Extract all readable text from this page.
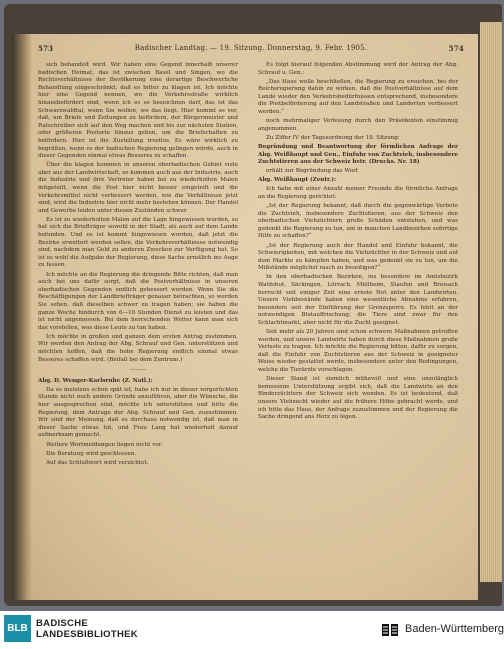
573	Badischer Landtag. — 19. Sitzung. Donnerstag, 9. Febr. 1905.	574

sich behandelt wird. Wir haben eine Gegend innerhalb unserer badischen Heimat, das ist zwischen Basel und Singen, wo die Rechtsverhältnisse der Bevölkerung eine derartige Beschwerliche Behandlung eingeschränkt, daß es bitter zu klagen ist. Ich möchte hier eine Gegend nennen, wo die Verkehrsstraße wirklich hinausbefördert sind, wenn ich es so bezeichnen darf, das ist das Schwarzwaldtal, wenn Sie wollen, wo das liegt. Hier kommt es vor, daß, um Briefe und Zeitungen zu befördern, der Bürgermeister und Ratschreiber sich auf den Weg machen und bis zur nächsten Station, oder größeren Postorte hinaus gehen, um die Briefschaften zu befördern. Hier ist die Zustellung trostlos. Es wäre wirklich zu begrüßen, wenn es der badischen Regierung gelingen würde, auch in dieser Gegenden einmal etwas Besseres zu schaffen.

Über die klagen kommen in unseren oberbadischen Gebiet viele aber aus der Landwirtschaft, so kommen auch aus der Industrie, auch die Industrie und ihre Vertreter haben bei zu wiederholten Malen mitgeteilt, wenn die Post hier nicht besser eingeteilt und die Verkehrsmittel nicht verbessert werden, wie die Verhältnisse jetzt sind, wird die Industrie hier nicht mehr bestehen können. Der Handel und Gewerbe leiden unter diesen Zuständen schwer.

Es ist zu wiederholten Malen auf die Lage hingewiesen worden, so hat sich die Briefträger sowohl in der Stadt, als auch auf dem Lande befunden. Und es ist kommt hingewiesen worden, daß jetzt die Bezirke erweitert werden sollen, die Verkehrsverhältnisse notwendig sind, nachdem man Geld zu anderen Zwecken zur Verfügung hat. So ist es wohl die Aufgabe der Regierung, diese Sache ernstlich ins Auge zu fassen.

Ich möchte an die Regierung die dringende Bitte richten, daß man auch bei uns dafür sorgt, daß die Postverhältnisse in unseren oberbadischen Gegenden endlich gebessert werden. Wenn Sie die Beschäftigungen der Landbriefträger genauer betrachten, so werden Sie sehen, daß dieselben schwer zu tragen haben; sie haben die ganze Woche hindurch von 6—10 Stunden Dienst zu leisten und das ist nicht angemessen. Bei dem herrschenden Wetter kann man sich das vorstellen, was diese Leute zu tun haben.

Ich möchte in großen und ganzen dem ersten Antrag zustimmen. Wir werden den Antrag der Abg. Schrauf und Gen. unterstützen und möchten hoffen, daß die hohe Regierung endlich einmal etwas Besseres schaffen wird. (Beifall bei dem Zentrum.)

———

Abg. D. Wenger-Karlsruhe (Z. Natl.):

Da es meistens schon spät ist, habe ich nur in dieser vorgerückten Stunde nicht noch andere Gründe anzuführen, aber die Wünsche, die hier ausgesprochen sind, möchte ich unterstützen und bitte die Regierung, dem Antrage der Abg. Schrauf und Gen. zuzustimmen. Wir sind der Meinung, daß es durchaus notwendig ist, daß man in dieser Sache etwas tut, und Frau Lang hat wiederholt darauf aufmerksam gemacht.

Weitere Wortmeldungen liegen nicht vor.

Die Beratung wird geschlossen.

Auf das Schlußwort wird verzichtet.

Es folgt hierauf folgenden Abstimmung wird der Antrag der Abg. Schrauf u. Gen.:

„Das Haus wolle beschließen, die Regierung zu ersuchen, bei der Reichsregierung dahin zu wirken, daß die Postverhältnisse auf dem Lande wieder den Verkehrsbedürfnissen entsprechend, insbesondere die Postbeförderung auf den Landstraßen und Landorten verbessert werden.“

noch mehrmaliger Verlesung durch den Präsidenten einstimmig angenommen.

Zu Ziffer IV der Tagesordnung der 19. Sitzung:

Begründung und Beantwortung der förmlichen Anfrage der Abg. Weißhaupt und Gen., Einfuhr von Zuchtvieh, insbesondere Zuchtstieren aus der Schweiz betr. (Drucks. Nr. 18)

erhält zur Begründung das Wort

Abg. Weißhaupt (Zentr.):

Ich habe mit einer Anzahl meiner Freunde die förmliche Anfrage an die Regierung gerichtet:

„Ist der Regierung bekannt, daß durch die gegenwärtige Verbote die Zuchtvieh, insbesondere Zuchtstieren, aus der Schweiz den oberbadischen Viehzüchtern große Schäden entstehen, und was gedenkt die Regierung zu tun, um in manchen Landbezirken sofortige Hilfe zu schaffen?“

„Ist der Regierung auch der Handel und Einfuhr bekannt, die Schwierigkeiten, mit welchen die Viehzüchter in der Schweiz und auf dem Markte zu kämpfen haben, und was gedenkt sie zu tun, um die Mißstände möglichst rasch zu beseitigen?“

In den oberbadischen Bezirken, ins besondere im Amtsbezirk Waldshut, Säckingen, Lörrach, Müllheim, Staufen und Breisach herrscht seit einiger Zeit eine ernste Not unter den Landwirten. Unsere Viehbestände haben eine wesentliche Abnahme erfahren, besonders seit der Einführung der Grenzsperre. Es fehlt an der notwendigen Blutauffrischung; die Tiere sind zwar für den Schlachtmarkt, aber nicht für die Zucht geeignet.

Seit mehr als 20 Jahren sind schon schwere Maßnahmen getroffen worden, und unsere Landwirte haben durch diese Maßnahmen große Verluste zu tragen. Ich möchte die Regierung bitten, dafür zu sorgen, daß die Einfuhr von Zuchtstieren aus der Schweiz in geeigneter Weise wieder gestattet werde, insbesondere unter den Bedingungen, welche die Tierärzte vorschlagen.

Dieser Stand ist ziemlich mühevoll und eine unzulänglich bemessene Unterstützung ergibt sich, daß die Landwirte an den Rinderzüchtern der Schweiz sich wenden. Es ist bedeutend, daß unsere Viehzucht wieder auf die frühere Höhe gebracht werde, und ich bitte das Haus, der Anfrage zuzustimmen und der Regierung die Sache dringend ans Herz zu legen.

BLB BADISCHE
LANDESBIBLIOTHEK	Baden-Württemberg
